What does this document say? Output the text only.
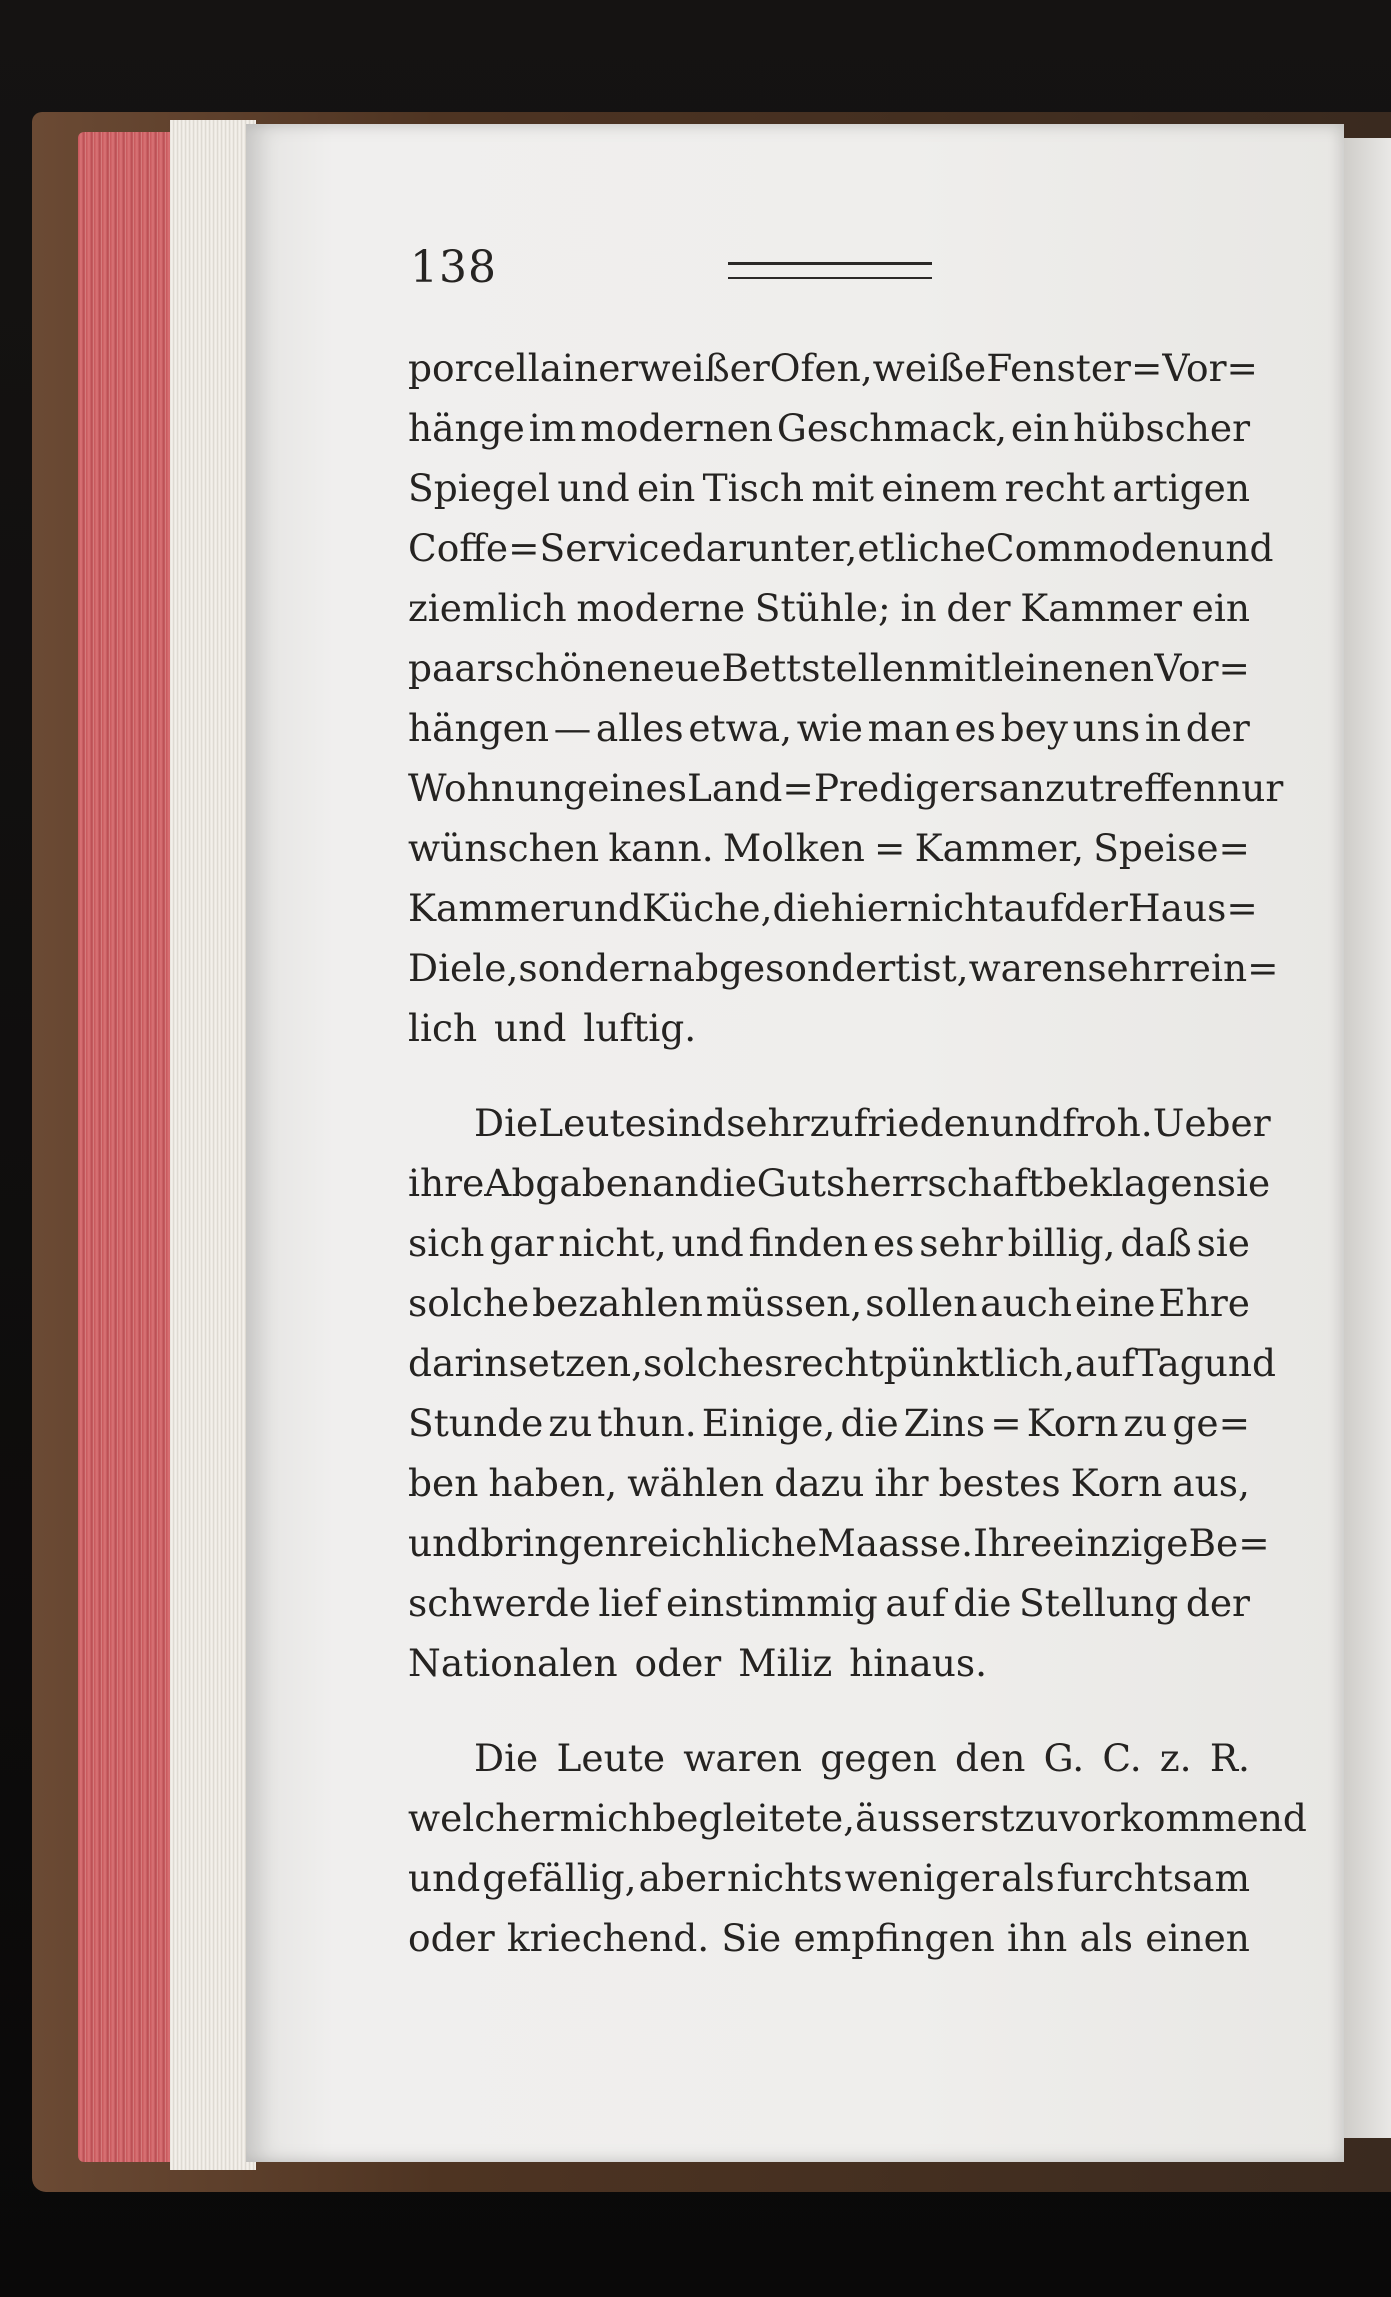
138
porcellainer weißer Ofen, weiße Fenster = Vor=
hänge im modernen Geschmack, ein hübscher
Spiegel und ein Tisch mit einem recht artigen
Coffe = Service darunter, etliche Commoden und
ziemlich moderne Stühle; in der Kammer ein
paar schöne neue Bettstellen mit leinenen Vor=
hängen — alles etwa, wie man es bey uns in der
Wohnung eines Land = Predigers anzutreffen nur
wünschen kann. Molken = Kammer, Speise=
Kammer und Küche, die hier nicht auf der Haus=
Diele, sondern abgesondert ist, waren sehr rein=
lich und luftig.
Die Leute sind sehr zufrieden und froh. Ueber
ihre Abgaben an die Gutsherrschaft beklagen sie
sich gar nicht, und finden es sehr billig, daß sie
solche bezahlen müssen, sollen auch eine Ehre
darin setzen, solches recht pünktlich, auf Tag und
Stunde zu thun. Einige, die Zins = Korn zu ge=
ben haben, wählen dazu ihr bestes Korn aus,
und bringen reichliche Maasse. Ihre einzige Be=
schwerde lief einstimmig auf die Stellung der
Nationalen oder Miliz hinaus.
Die Leute waren gegen den G. C. z. R.
welcher mich begleitete, äusserst zuvorkommend
und gefällig, aber nichts weniger als furchtsam
oder kriechend. Sie empfingen ihn als einen
